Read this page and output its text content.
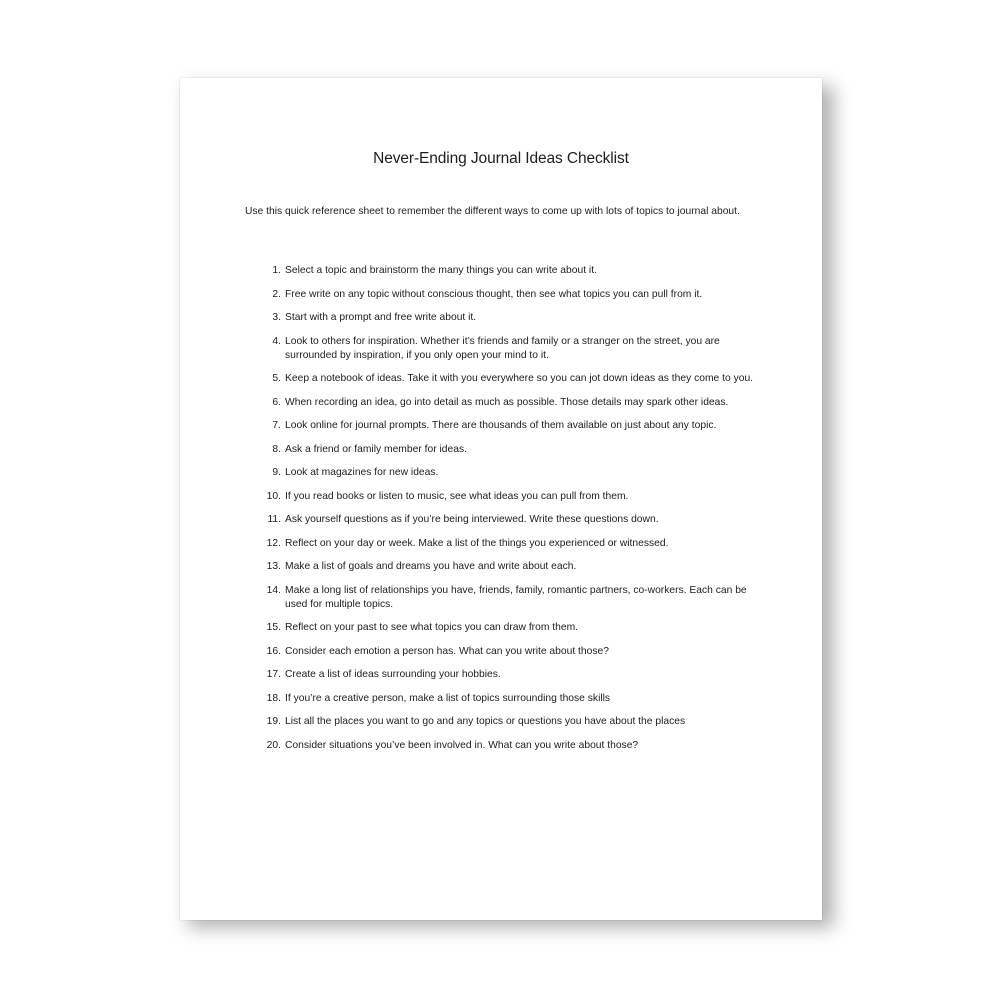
Never-Ending Journal Ideas Checklist
Use this quick reference sheet to remember the different ways to come up with lots of topics to journal about.
1. Select a topic and brainstorm the many things you can write about it.
2. Free write on any topic without conscious thought, then see what topics you can pull from it.
3. Start with a prompt and free write about it.
4. Look to others for inspiration. Whether it’s friends and family or a stranger on the street, you are surrounded by inspiration, if you only open your mind to it.
5. Keep a notebook of ideas. Take it with you everywhere so you can jot down ideas as they come to you.
6. When recording an idea, go into detail as much as possible. Those details may spark other ideas.
7. Look online for journal prompts. There are thousands of them available on just about any topic.
8. Ask a friend or family member for ideas.
9. Look at magazines for new ideas.
10. If you read books or listen to music, see what ideas you can pull from them.
11. Ask yourself questions as if you’re being interviewed. Write these questions down.
12. Reflect on your day or week. Make a list of the things you experienced or witnessed.
13. Make a list of goals and dreams you have and write about each.
14. Make a long list of relationships you have, friends, family, romantic partners, co-workers. Each can be used for multiple topics.
15. Reflect on your past to see what topics you can draw from them.
16. Consider each emotion a person has. What can you write about those?
17. Create a list of ideas surrounding your hobbies.
18. If you’re a creative person, make a list of topics surrounding those skills
19. List all the places you want to go and any topics or questions you have about the places
20. Consider situations you’ve been involved in. What can you write about those?
